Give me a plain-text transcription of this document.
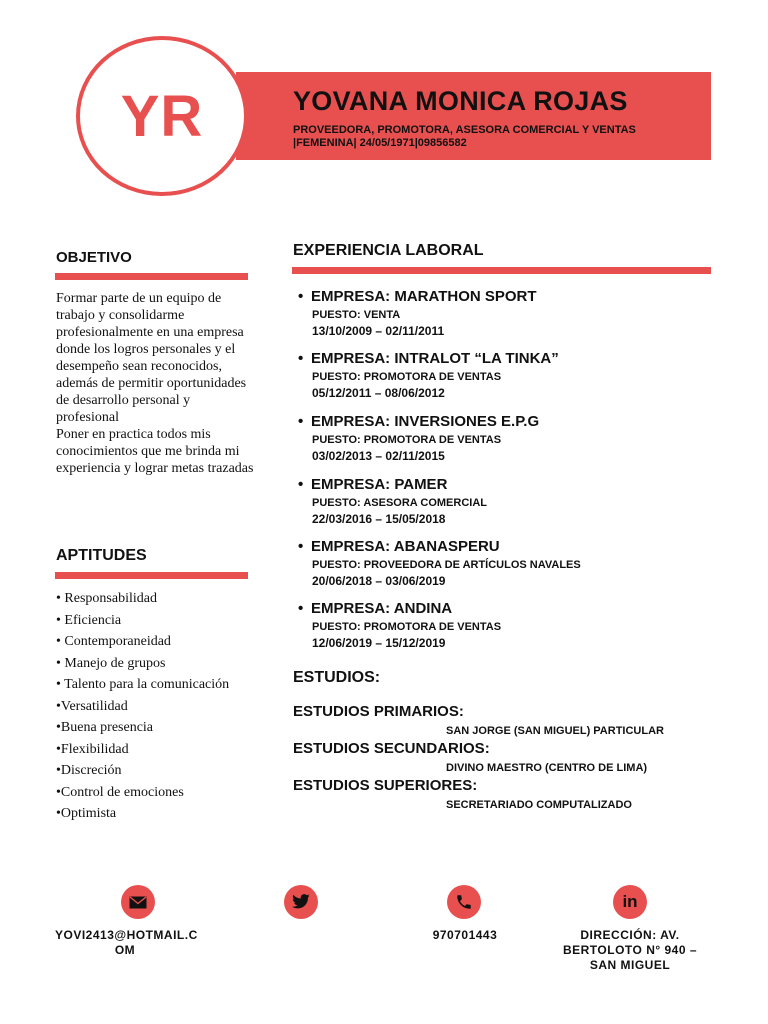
YR	YOVANA MONICA ROJAS
PROVEEDORA, PROMOTORA, ASESORA COMERCIAL Y VENTAS
|FEMENINA| 24/05/1971|09856582
OBJETIVO
Formar parte de un equipo de trabajo y consolidarme profesionalmente en una empresa donde los logros personales y el desempeño sean reconocidos, además de permitir oportunidades de desarrollo personal y profesional
Poner en practica todos mis conocimientos que me brinda mi experiencia y lograr metas trazadas
APTITUDES
• Responsabilidad
• Eficiencia
• Contemporaneidad
• Manejo de grupos
• Talento para la comunicación
•Versatilidad
•Buena presencia
•Flexibilidad
•Discreción
•Control de emociones
•Optimista
EXPERIENCIA LABORAL
• EMPRESA: MARATHON SPORT
PUESTO: VENTA
13/10/2009 – 02/11/2011
• EMPRESA: INTRALOT “LA TINKA”
PUESTO: PROMOTORA DE VENTAS
05/12/2011 – 08/06/2012
• EMPRESA: INVERSIONES E.P.G
PUESTO: PROMOTORA DE VENTAS
03/02/2013 – 02/11/2015
• EMPRESA: PAMER
PUESTO: ASESORA COMERCIAL
22/03/2016 – 15/05/2018
• EMPRESA: ABANASPERU
PUESTO: PROVEEDORA DE ARTÍCULOS NAVALES
20/06/2018 – 03/06/2019
• EMPRESA: ANDINA
PUESTO: PROMOTORA DE VENTAS
12/06/2019 – 15/12/2019
ESTUDIOS:
ESTUDIOS PRIMARIOS:
SAN JORGE (SAN MIGUEL) PARTICULAR
ESTUDIOS SECUNDARIOS:
DIVINO MAESTRO (CENTRO DE LIMA)
ESTUDIOS SUPERIORES:
SECRETARIADO COMPUTALIZADO
in
YOVI2413@HOTMAIL.C
OM
970701443	DIRECCIÓN: AV.
BERTOLOTO N° 940 –
SAN MIGUEL
